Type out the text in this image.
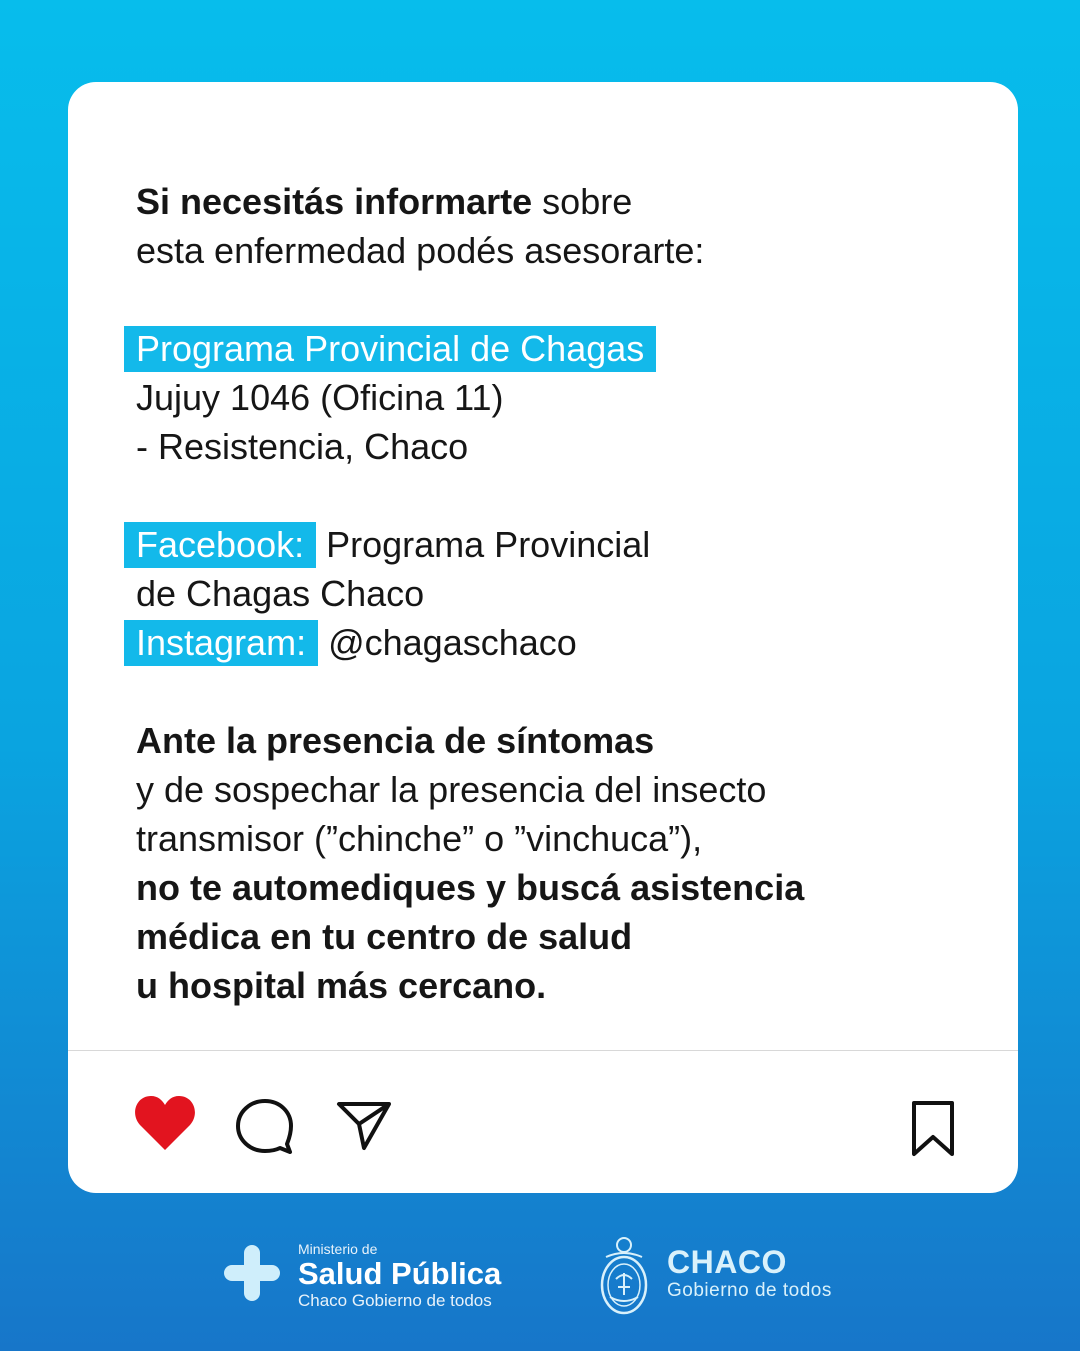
Si necesitás informarte sobre
esta enfermedad podés asesorarte:
Programa Provincial de Chagas
Jujuy 1046 (Oficina 11)
- Resistencia, Chaco
Facebook: Programa Provincial
de Chagas Chaco
Instagram: @chagaschaco
Ante la presencia de síntomas
y de sospechar la presencia del insecto
transmisor (”chinche” o ”vinchuca”),
no te automediques y buscá asistencia
médica en tu centro de salud
u hospital más cercano.
Ministerio de
Salud Pública
Chaco Gobierno de todos
CHACO
Gobierno de todos
